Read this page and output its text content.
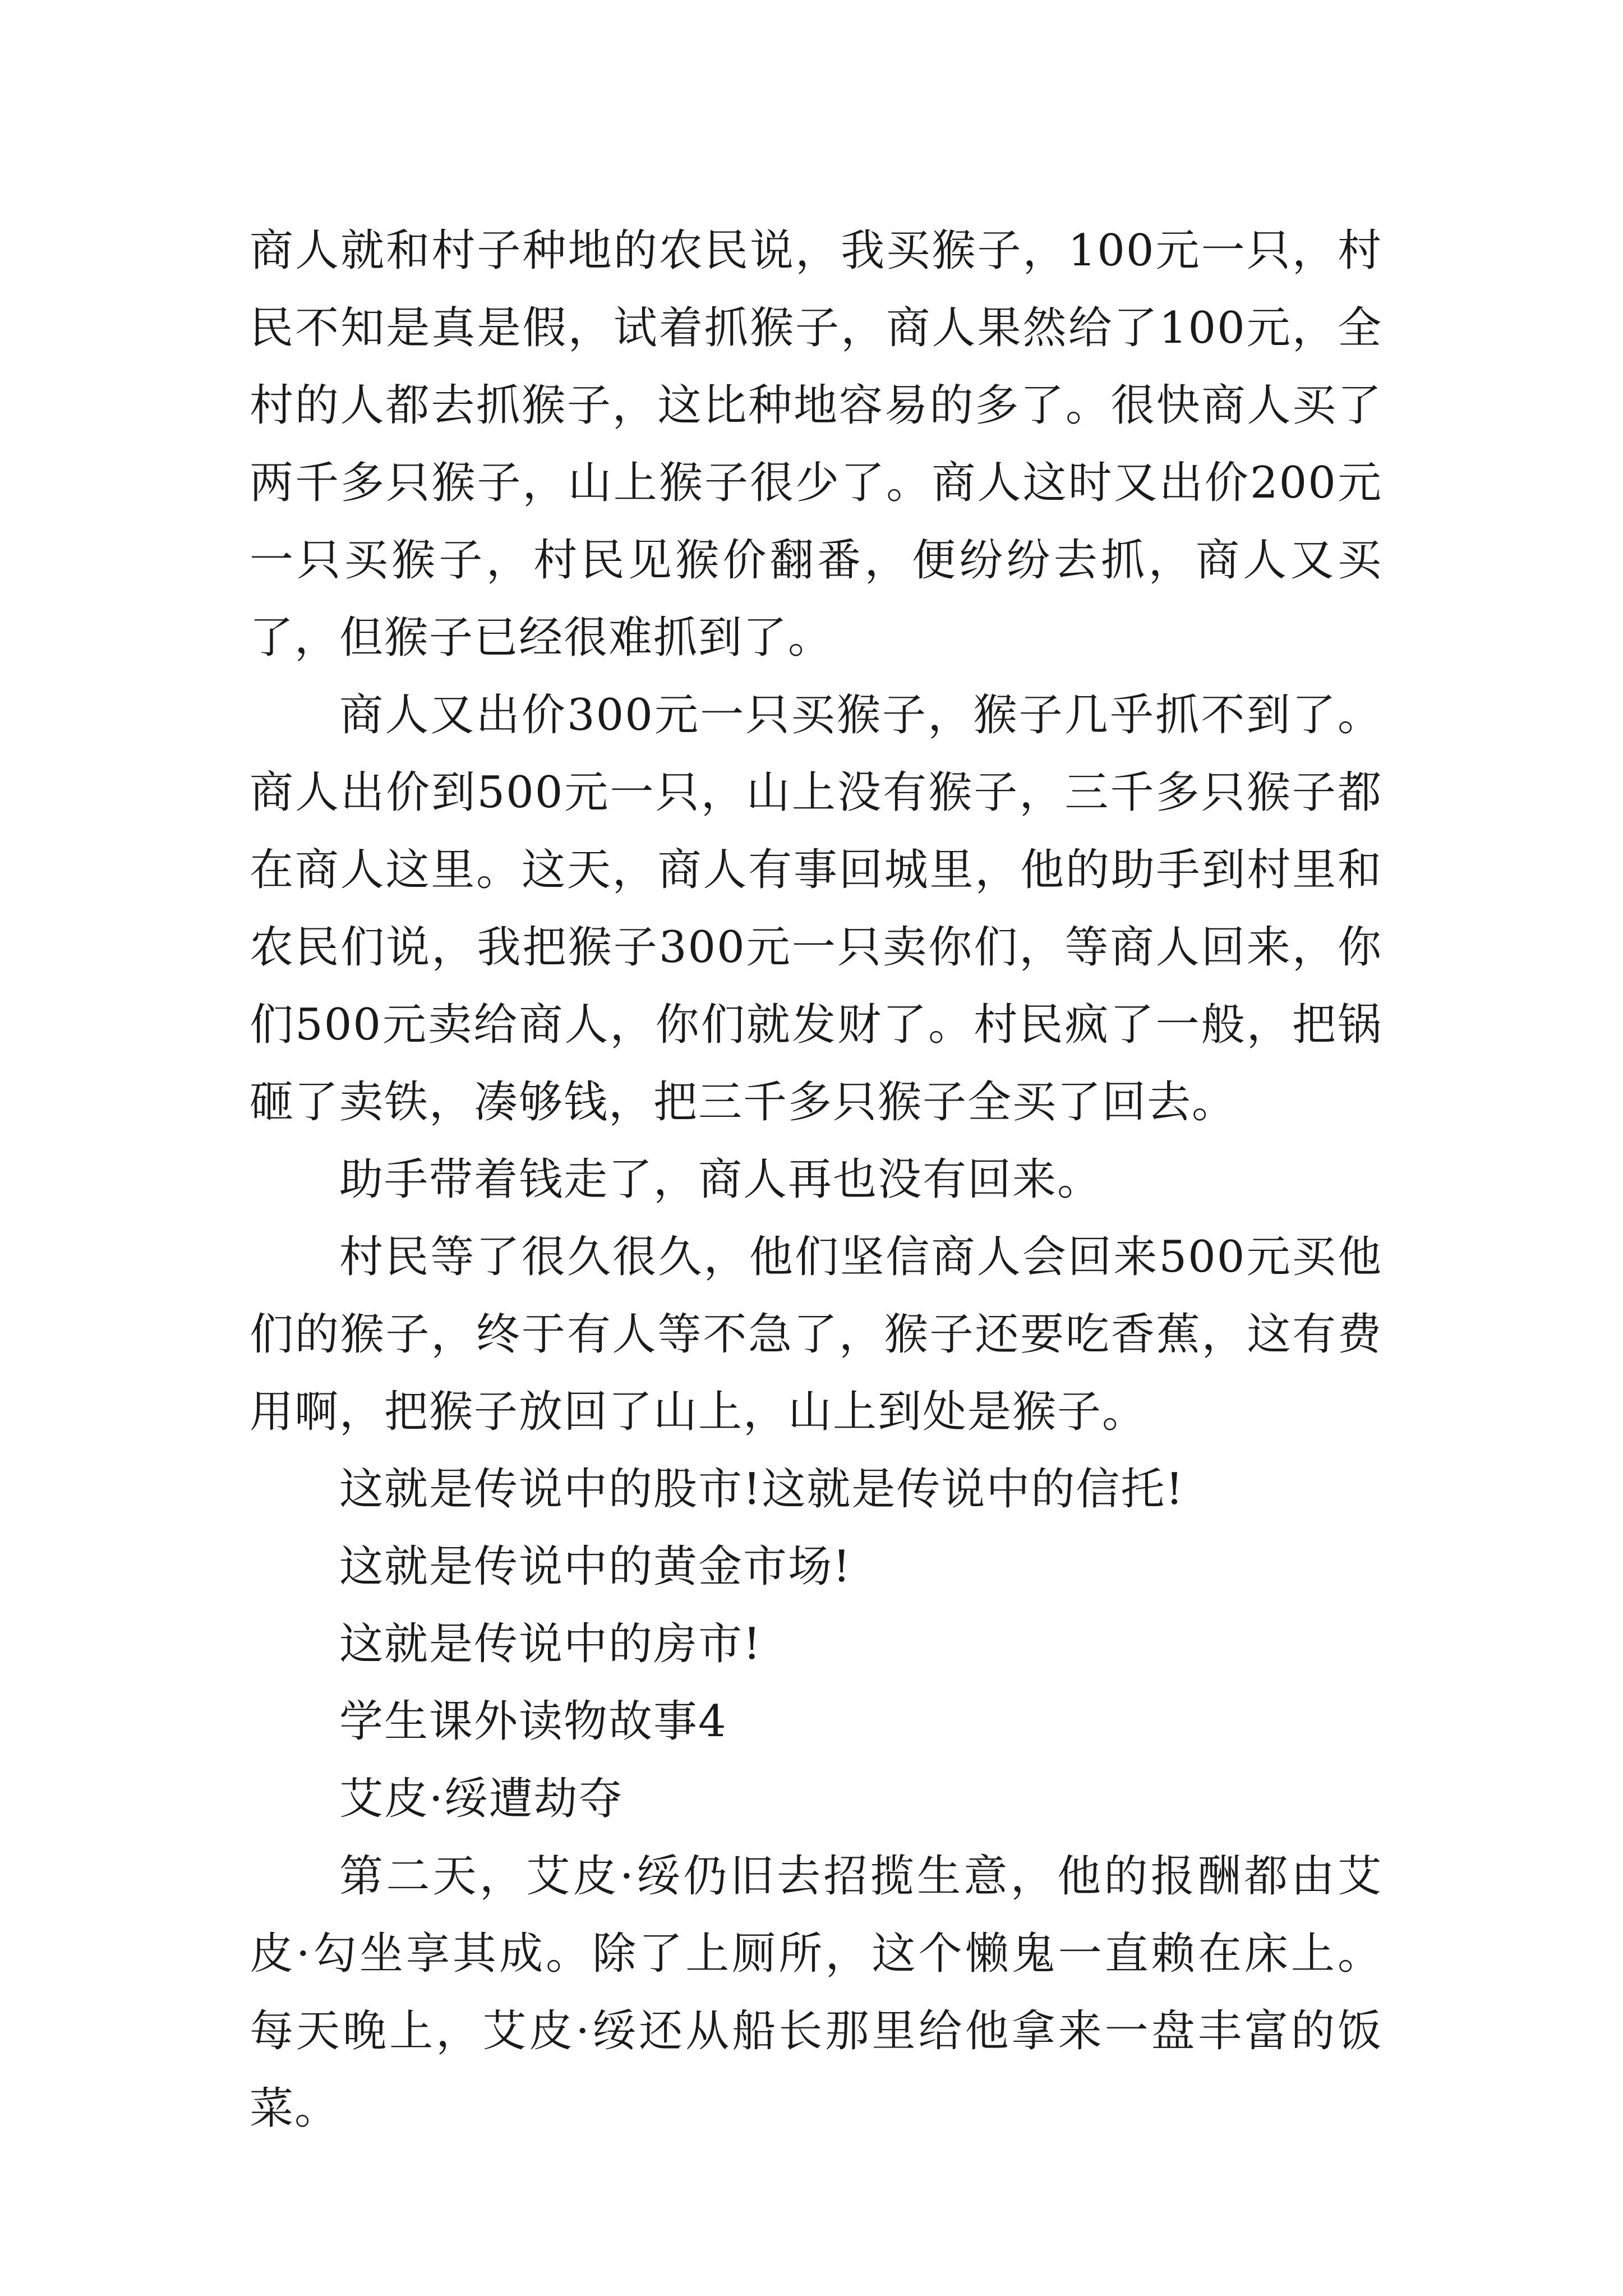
商人就和村子种地的农民说，我买猴子，100元一只，村民不知是真是假，试着抓猴子，商人果然给了100元，全村的人都去抓猴子，这比种地容易的多了。很快商人买了两千多只猴子，山上猴子很少了。商人这时又出价200元一只买猴子，村民见猴价翻番，便纷纷去抓，商人又买了，但猴子已经很难抓到了。

商人又出价300元一只买猴子，猴子几乎抓不到了。商人出价到500元一只，山上没有猴子，三千多只猴子都在商人这里。这天，商人有事回城里，他的助手到村里和农民们说，我把猴子300元一只卖你们，等商人回来，你们500元卖给商人，你们就发财了。村民疯了一般，把锅砸了卖铁，凑够钱，把三千多只猴子全买了回去。

助手带着钱走了，商人再也没有回来。

村民等了很久很久，他们坚信商人会回来500元买他们的猴子，终于有人等不急了，猴子还要吃香蕉，这有费用啊，把猴子放回了山上，山上到处是猴子。

这就是传说中的股市!这就是传说中的信托!

这就是传说中的黄金市场!

这就是传说中的房市!

学生课外读物故事4

艾皮·绥遭劫夺

第二天，艾皮·绥仍旧去招揽生意，他的报酬都由艾皮·勾坐享其成。除了上厕所，这个懒鬼一直赖在床上。每天晚上，艾皮·绥还从船长那里给他拿来一盘丰富的饭菜。
